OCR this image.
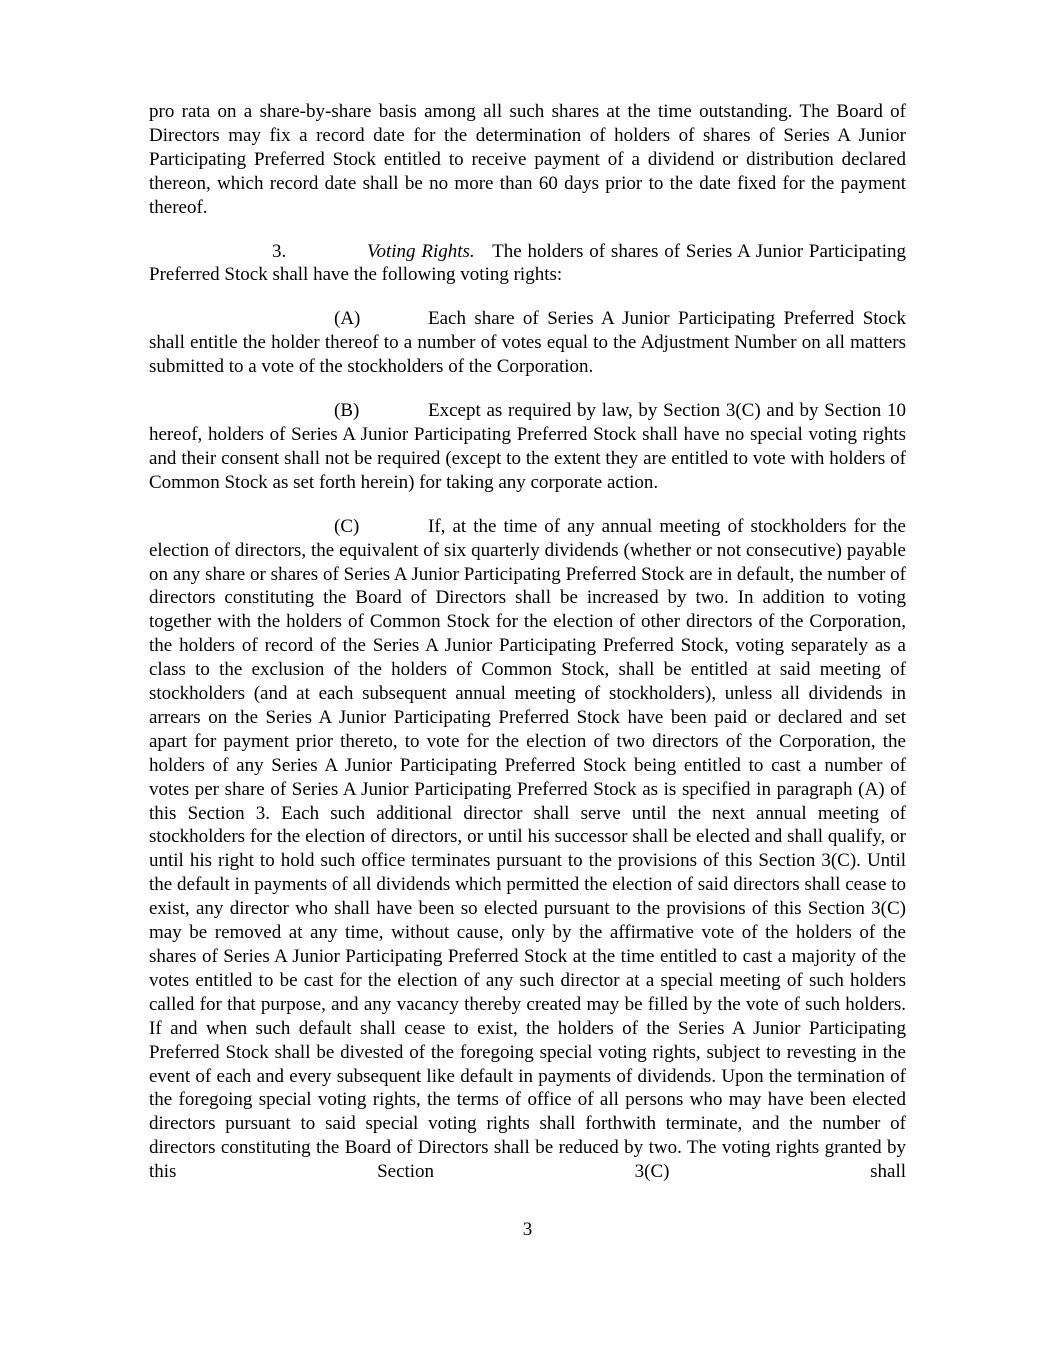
pro rata on a share-by-share basis among all such shares at the time outstanding. The Board of Directors may fix a record date for the determination of holders of shares of Series A Junior Participating Preferred Stock entitled to receive payment of a dividend or distribution declared thereon, which record date shall be no more than 60 days prior to the date fixed for the payment thereof.

3.	Voting Rights. The holders of shares of Series A Junior Participating Preferred Stock shall have the following voting rights:

(A)	Each share of Series A Junior Participating Preferred Stock shall entitle the holder thereof to a number of votes equal to the Adjustment Number on all matters submitted to a vote of the stockholders of the Corporation.

(B)	Except as required by law, by Section 3(C) and by Section 10 hereof, holders of Series A Junior Participating Preferred Stock shall have no special voting rights and their consent shall not be required (except to the extent they are entitled to vote with holders of Common Stock as set forth herein) for taking any corporate action.

(C)	If, at the time of any annual meeting of stockholders for the election of directors, the equivalent of six quarterly dividends (whether or not consecutive) payable on any share or shares of Series A Junior Participating Preferred Stock are in default, the number of directors constituting the Board of Directors shall be increased by two. In addition to voting together with the holders of Common Stock for the election of other directors of the Corporation, the holders of record of the Series A Junior Participating Preferred Stock, voting separately as a class to the exclusion of the holders of Common Stock, shall be entitled at said meeting of stockholders (and at each subsequent annual meeting of stockholders), unless all dividends in arrears on the Series A Junior Participating Preferred Stock have been paid or declared and set apart for payment prior thereto, to vote for the election of two directors of the Corporation, the holders of any Series A Junior Participating Preferred Stock being entitled to cast a number of votes per share of Series A Junior Participating Preferred Stock as is specified in paragraph (A) of this Section 3. Each such additional director shall serve until the next annual meeting of stockholders for the election of directors, or until his successor shall be elected and shall qualify, or until his right to hold such office terminates pursuant to the provisions of this Section 3(C). Until the default in payments of all dividends which permitted the election of said directors shall cease to exist, any director who shall have been so elected pursuant to the provisions of this Section 3(C) may be removed at any time, without cause, only by the affirmative vote of the holders of the shares of Series A Junior Participating Preferred Stock at the time entitled to cast a majority of the votes entitled to be cast for the election of any such director at a special meeting of such holders called for that purpose, and any vacancy thereby created may be filled by the vote of such holders. If and when such default shall cease to exist, the holders of the Series A Junior Participating Preferred Stock shall be divested of the foregoing special voting rights, subject to revesting in the event of each and every subsequent like default in payments of dividends. Upon the termination of the foregoing special voting rights, the terms of office of all persons who may have been elected directors pursuant to said special voting rights shall forthwith terminate, and the number of directors constituting the Board of Directors shall be reduced by two. The voting rights granted by this Section 3(C) shall

3
